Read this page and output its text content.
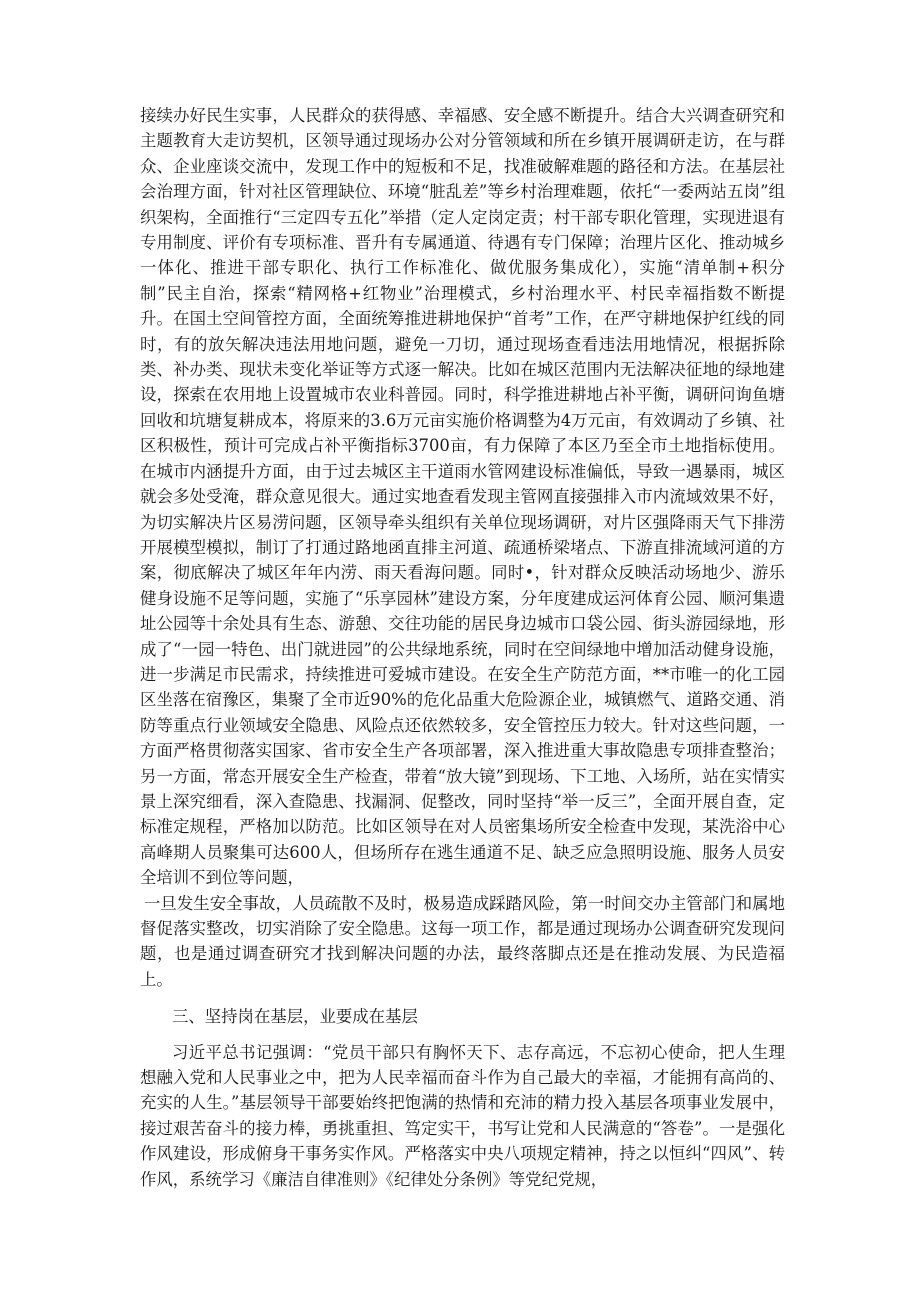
接续办好民生实事，人民群众的获得感、幸福感、安全感不断提升。结合大兴调查研究和主题教育大走访契机，区领导通过现场办公对分管领域和所在乡镇开展调研走访，在与群众、企业座谈交流中，发现工作中的短板和不足，找准破解难题的路径和方法。在基层社会治理方面，针对社区管理缺位、环境“脏乱差”等乡村治理难题，依托“一委两站五岗”组织架构，全面推行“三定四专五化”举措（定人定岗定责；村干部专职化管理，实现进退有专用制度、评价有专项标准、晋升有专属通道、待遇有专门保障；治理片区化、推动城乡一体化、推进干部专职化、执行工作标准化、做优服务集成化），实施“清单制+积分制”民主自治，探索“精网格+红物业”治理模式，乡村治理水平、村民幸福指数不断提升。在国土空间管控方面，全面统筹推进耕地保护“首考”工作，在严守耕地保护红线的同时，有的放矢解决违法用地问题，避免一刀切，通过现场查看违法用地情况，根据拆除类、补办类、现状未变化举证等方式逐一解决。比如在城区范围内无法解决征地的绿地建设，探索在农用地上设置城市农业科普园。同时，科学推进耕地占补平衡，调研问询鱼塘回收和坑塘复耕成本，将原来的3.6万元亩实施价格调整为4万元亩，有效调动了乡镇、社区积极性，预计可完成占补平衡指标3700亩，有力保障了本区乃至全市土地指标使用。在城市内涵提升方面，由于过去城区主干道雨水管网建设标准偏低，导致一遇暴雨，城区就会多处受淹，群众意见很大。通过实地查看发现主管网直接强排入市内流域效果不好，为切实解决片区易涝问题，区领导牵头组织有关单位现场调研，对片区强降雨天气下排涝开展模型模拟，制订了打通过路地函直排主河道、疏通桥梁堵点、下游直排流域河道的方案，彻底解决了城区年年内涝、雨天看海问题。同时•，针对群众反映活动场地少、游乐健身设施不足等问题，实施了“乐享园林”建设方案，分年度建成运河体育公园、顺河集遗址公园等十余处具有生态、游憩、交往功能的居民身边城市口袋公园、街头游园绿地，形成了“一园一特色、出门就进园”的公共绿地系统，同时在空间绿地中增加活动健身设施，进一步满足市民需求，持续推进可爱城市建设。在安全生产防范方面，**市唯一的化工园区坐落在宿豫区，集聚了全市近90%的危化品重大危险源企业，城镇燃气、道路交通、消防等重点行业领域安全隐患、风险点还依然较多，安全管控压力较大。针对这些问题，一方面严格贯彻落实国家、省市安全生产各项部署，深入推进重大事故隐患专项排查整治；另一方面，常态开展安全生产检查，带着“放大镜”到现场、下工地、入场所，站在实情实景上深究细看，深入查隐患、找漏洞、促整改，同时坚持“举一反三”，全面开展自查，定标准定规程，严格加以防范。比如区领导在对人员密集场所安全检查中发现，某洗浴中心高峰期人员聚集可达600人，但场所存在逃生通道不足、缺乏应急照明设施、服务人员安全培训不到位等问题，

一旦发生安全事故，人员疏散不及时，极易造成踩踏风险，第一时间交办主管部门和属地督促落实整改，切实消除了安全隐患。这每一项工作，都是通过现场办公调查研究发现问题，也是通过调查研究才找到解决问题的办法，最终落脚点还是在推动发展、为民造福上。

三、坚持岗在基层，业要成在基层

习近平总书记强调：“党员干部只有胸怀天下、志存高远，不忘初心使命，把人生理想融入党和人民事业之中，把为人民幸福而奋斗作为自己最大的幸福，才能拥有高尚的、充实的人生。”基层领导干部要始终把饱满的热情和充沛的精力投入基层各项事业发展中，接过艰苦奋斗的接力棒，勇挑重担、笃定实干，书写让党和人民满意的“答卷”。一是强化作风建设，形成俯身干事务实作风。严格落实中央八项规定精神，持之以恒纠“四风”、转作风，系统学习《廉洁自律准则》《纪律处分条例》等党纪党规，
